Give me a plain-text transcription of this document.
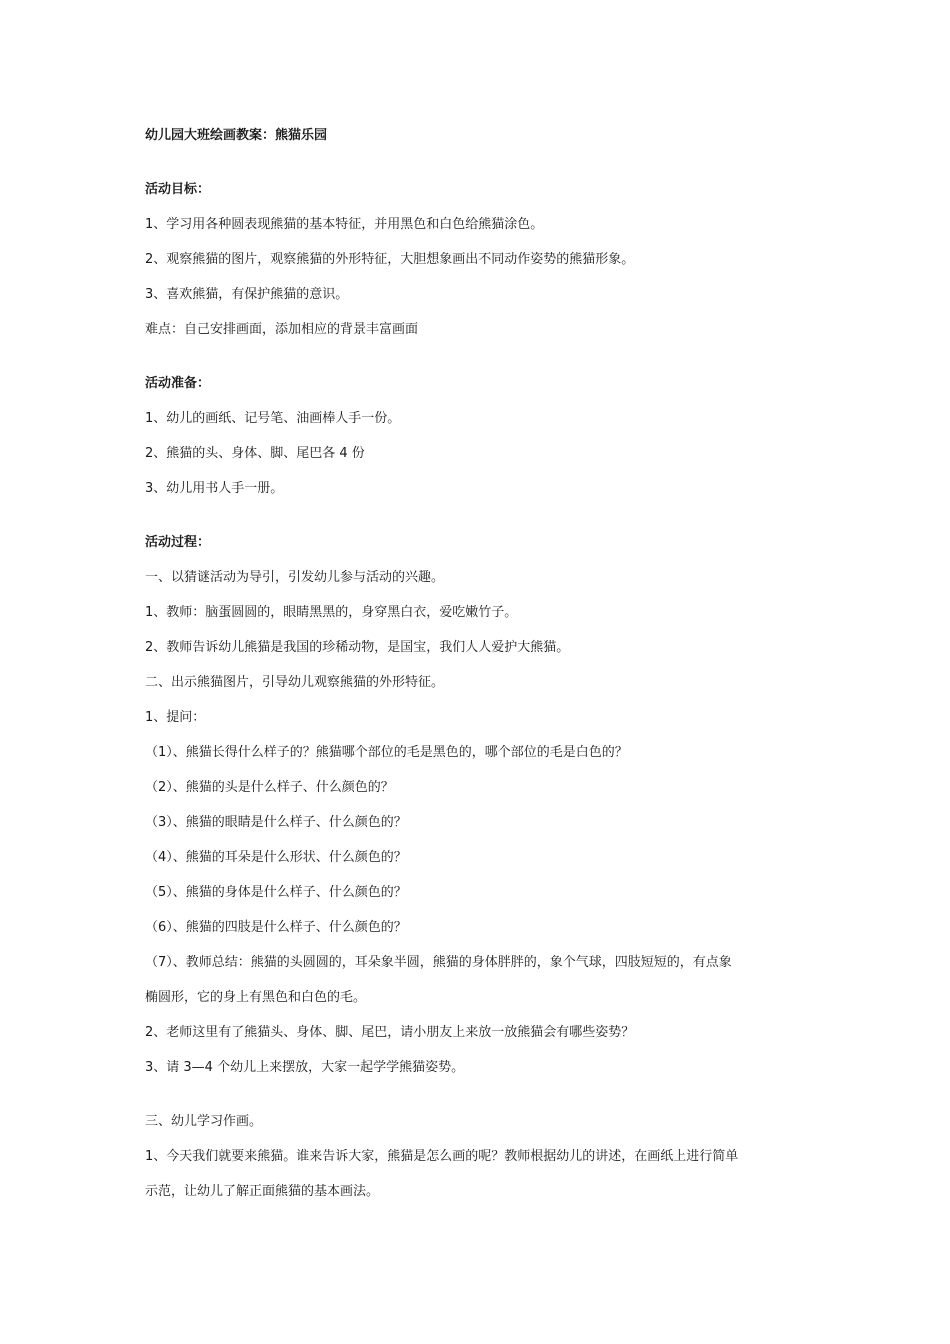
幼儿园大班绘画教案：熊猫乐园

活动目标：

1、学习用各种圆表现熊猫的基本特征，并用黑色和白色给熊猫涂色。

2、观察熊猫的图片，观察熊猫的外形特征，大胆想象画出不同动作姿势的熊猫形象。

3、喜欢熊猫，有保护熊猫的意识。

难点：自己安排画面，添加相应的背景丰富画面

活动准备：

1、幼儿的画纸、记号笔、油画棒人手一份。

2、熊猫的头、身体、脚、尾巴各 4 份

3、幼儿用书人手一册。

活动过程：

一、以猜谜活动为导引，引发幼儿参与活动的兴趣。

1、教师：脑蛋圆圆的，眼睛黑黑的，身穿黑白衣，爱吃嫩竹子。

2、教师告诉幼儿熊猫是我国的珍稀动物，是国宝，我们人人爱护大熊猫。

二、出示熊猫图片，引导幼儿观察熊猫的外形特征。

1、提问：

（1）、熊猫长得什么样子的？熊猫哪个部位的毛是黑色的，哪个部位的毛是白色的？

（2）、熊猫的头是什么样子、什么颜色的？

（3）、熊猫的眼睛是什么样子、什么颜色的？

（4）、熊猫的耳朵是什么形状、什么颜色的？

（5）、熊猫的身体是什么样子、什么颜色的？

（6）、熊猫的四肢是什么样子、什么颜色的？

（7）、教师总结：熊猫的头圆圆的，耳朵象半圆，熊猫的身体胖胖的，象个气球，四肢短短的，有点象

椭圆形，它的身上有黑色和白色的毛。

2、老师这里有了熊猫头、身体、脚、尾巴，请小朋友上来放一放熊猫会有哪些姿势？

3、请 3—4 个幼儿上来摆放，大家一起学学熊猫姿势。

三、幼儿学习作画。

1、今天我们就要来熊猫。谁来告诉大家，熊猫是怎么画的呢？教师根据幼儿的讲述，在画纸上进行简单

示范，让幼儿了解正面熊猫的基本画法。
